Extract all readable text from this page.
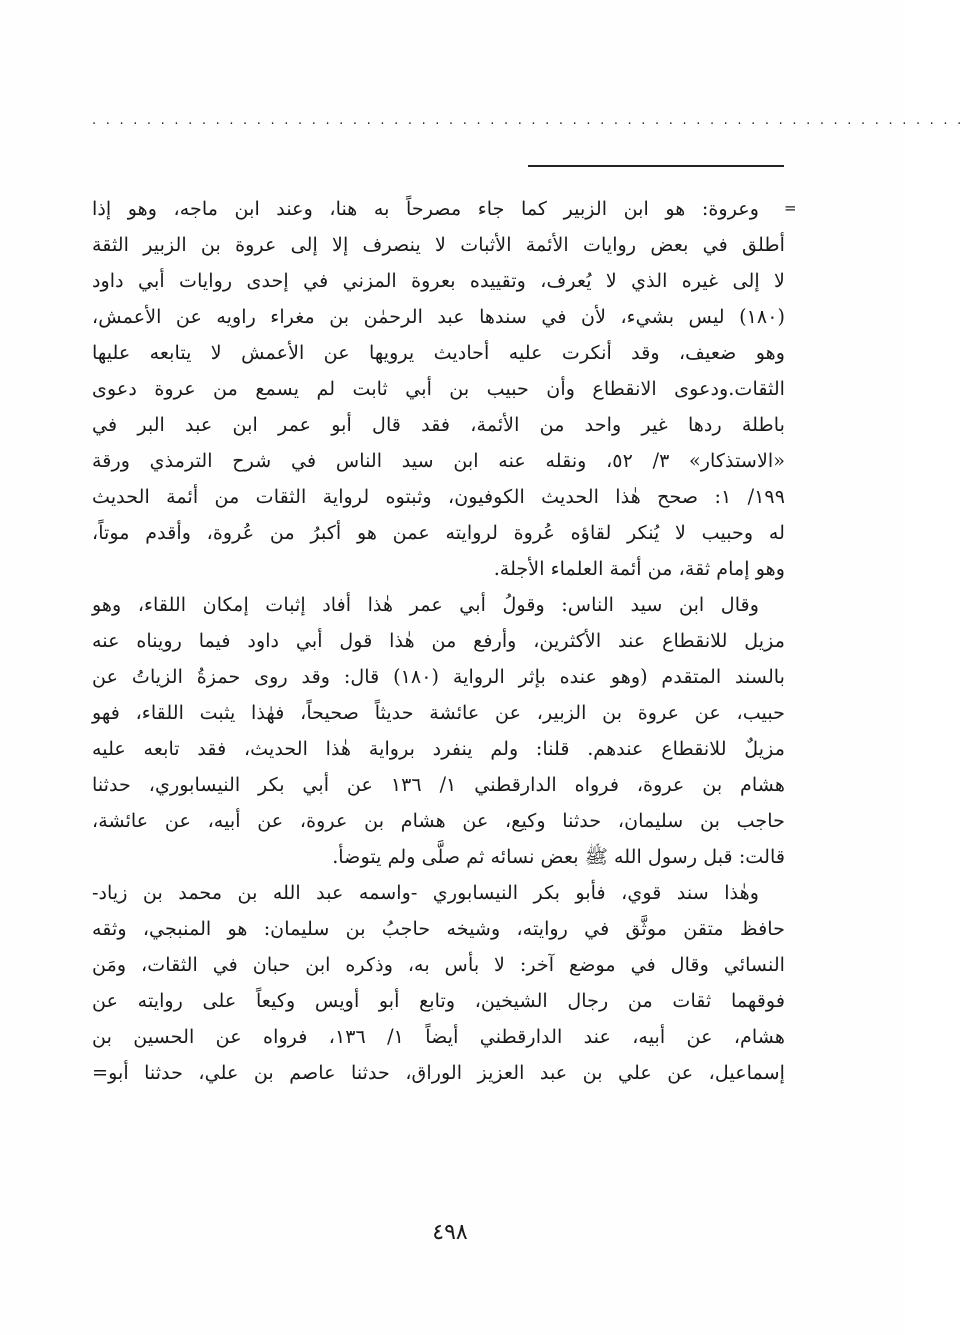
................................................................
=
وعروة: هو ابن الزبير كما جاء مصرحاً به هنا، وعند ابن ماجه، وهو إذا
أطلق في بعض روايات الأئمة الأثبات لا ينصرف إلا إلى عروة بن الزبير الثقة
لا إلى غيره الذي لا يُعرف، وتقييده بعروة المزني في إحدى روايات أبي داود
(١٨٠) ليس بشيء، لأن في سندها عبد الرحمٰن بن مغراء راويه عن الأعمش،
وهو ضعيف، وقد أنكرت عليه أحاديث يرويها عن الأعمش لا يتابعه عليها
الثقات.ودعوى الانقطاع وأن حبيب بن أبي ثابت لم يسمع من عروة دعوى
باطلة ردها غير واحد من الأئمة، فقد قال أبو عمر ابن عبد البر في
«الاستذكار» ٣/ ٥٢، ونقله عنه ابن سيد الناس في شرح الترمذي ورقة
١٩٩/ ١: صحح هٰذا الحديث الكوفيون، وثبتوه لرواية الثقات من أئمة الحديث
له وحبيب لا يُنكر لقاؤه عُروة لروايته عمن هو أكبرُ من عُروة، وأقدم موتاً،
وهو إمام ثقة، من أئمة العلماء الأجلة.
وقال ابن سيد الناس: وقولُ أبي عمر هٰذا أفاد إثبات إمكان اللقاء، وهو
مزيل للانقطاع عند الأكثرين، وأرفع من هٰذا قول أبي داود فيما رويناه عنه
بالسند المتقدم (وهو عنده بإثر الرواية (١٨٠) قال: وقد روى حمزةُ الزياتُ عن
حبيب، عن عروة بن الزبير، عن عائشة حديثاً صحيحاً، فهٰذا يثبت اللقاء، فهو
مزيلٌ للانقطاع عندهم. قلنا: ولم ينفرد برواية هٰذا الحديث، فقد تابعه عليه
هشام بن عروة، فرواه الدارقطني ١/ ١٣٦ عن أبي بكر النيسابوري، حدثنا
حاجب بن سليمان، حدثنا وكيع، عن هشام بن عروة، عن أبيه، عن عائشة،
قالت: قبل رسول الله ﷺ بعض نسائه ثم صلَّى ولم يتوضأ.
وهٰذا سند قوي، فأبو بكر النيسابوري -واسمه عبد الله بن محمد بن زياد-
حافظ متقن موثَّق في روايته، وشيخه حاجبُ بن سليمان: هو المنبجي، وثقه
النسائي وقال في موضع آخر: لا بأس به، وذكره ابن حبان في الثقات، ومَن
فوقهما ثقات من رجال الشيخين، وتابع أبو أويس وكيعاً على روايته عن
هشام، عن أبيه، عند الدارقطني أيضاً ١/ ١٣٦، فرواه عن الحسين بن
إسماعيل، عن علي بن عبد العزيز الوراق، حدثنا عاصم بن علي، حدثنا أبو=
٤٩٨
